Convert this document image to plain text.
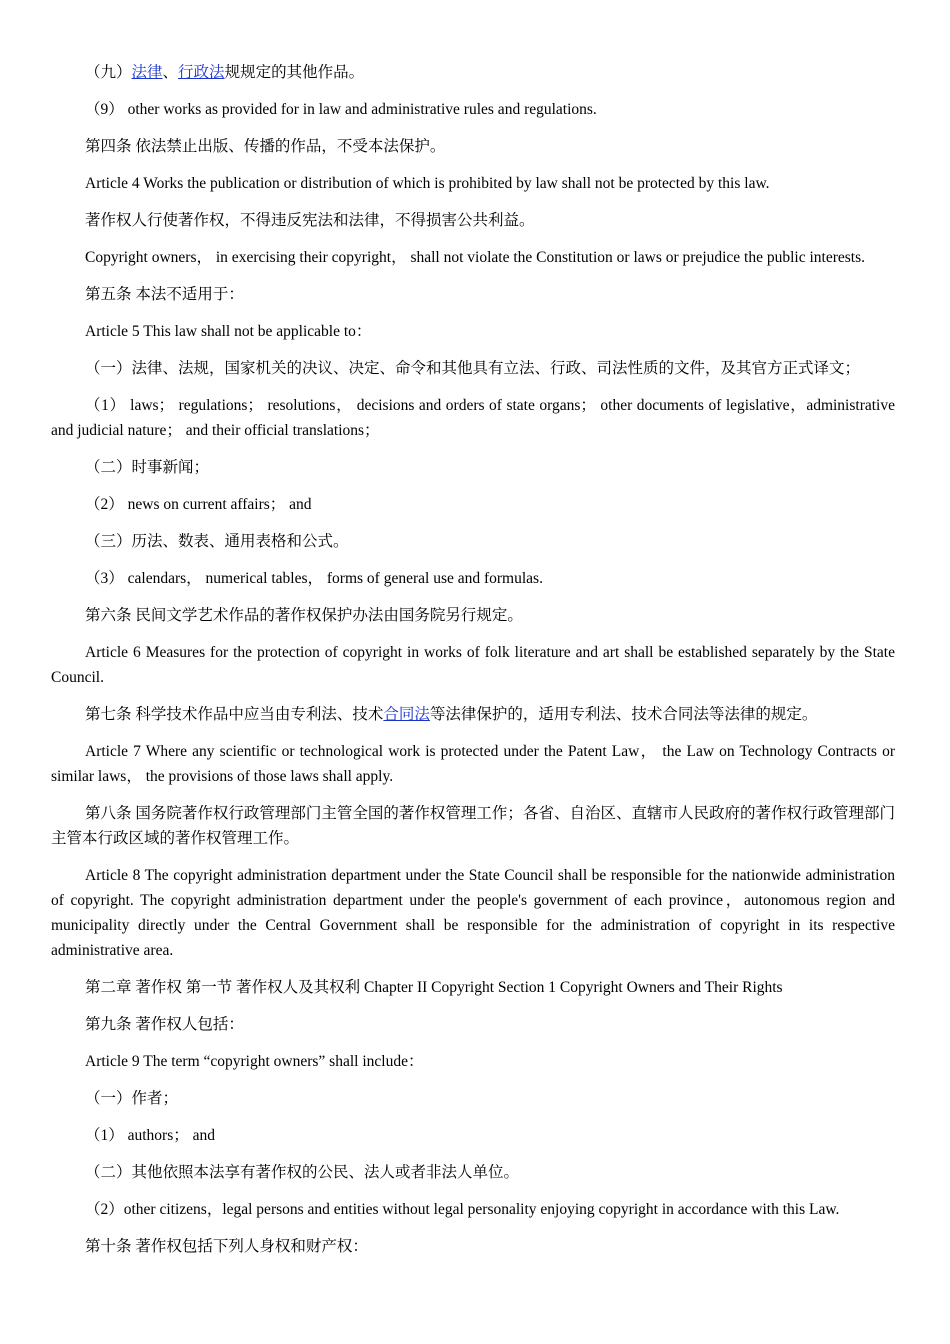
（九）法律、行政法规规定的其他作品。

（9） other works as provided for in law and administrative rules and regulations.

第四条 依法禁止出版、传播的作品，不受本法保护。

Article 4 Works the publication or distribution of which is prohibited by law shall not be protected by this law.

著作权人行使著作权，不得违反宪法和法律，不得损害公共利益。

Copyright owners， in exercising their copyright， shall not violate the Constitution or laws or prejudice the public interests.

第五条 本法不适用于：

Article 5 This law shall not be applicable to：

（一）法律、法规，国家机关的决议、决定、命令和其他具有立法、行政、司法性质的文件，及其官方正式译文；

（1） laws； regulations； resolutions， decisions and orders of state organs； other documents of legislative，administrative and judicial nature； and their official translations；

（二）时事新闻；

（2） news on current affairs； and

（三）历法、数表、通用表格和公式。

（3） calendars， numerical tables， forms of general use and formulas.

第六条 民间文学艺术作品的著作权保护办法由国务院另行规定。

Article 6 Measures for the protection of copyright in works of folk literature and art shall be established separately by the State Council.

第七条 科学技术作品中应当由专利法、技术合同法等法律保护的，适用专利法、技术合同法等法律的规定。

Article 7 Where any scientific or technological work is protected under the Patent Law， the Law on Technology Contracts or similar laws， the provisions of those laws shall apply.

第八条 国务院著作权行政管理部门主管全国的著作权管理工作；各省、自治区、直辖市人民政府的著作权行政管理部门主管本行政区域的著作权管理工作。

Article 8 The copyright administration department under the State Council shall be responsible for the nationwide administration of copyright. The copyright administration department under the people's government of each province，autonomous region and municipality directly under the Central Government shall be responsible for the administration of copyright in its respective administrative area.

第二章 著作权 第一节 著作权人及其权利 Chapter II Copyright Section 1 Copyright Owners and Their Rights

第九条 著作权人包括：

Article 9 The term “copyright owners” shall include：

（一）作者；

（1） authors； and

（二）其他依照本法享有著作权的公民、法人或者非法人单位。

（2）other citizens，legal persons and entities without legal personality enjoying copyright in accordance with this Law.

第十条 著作权包括下列人身权和财产权：
